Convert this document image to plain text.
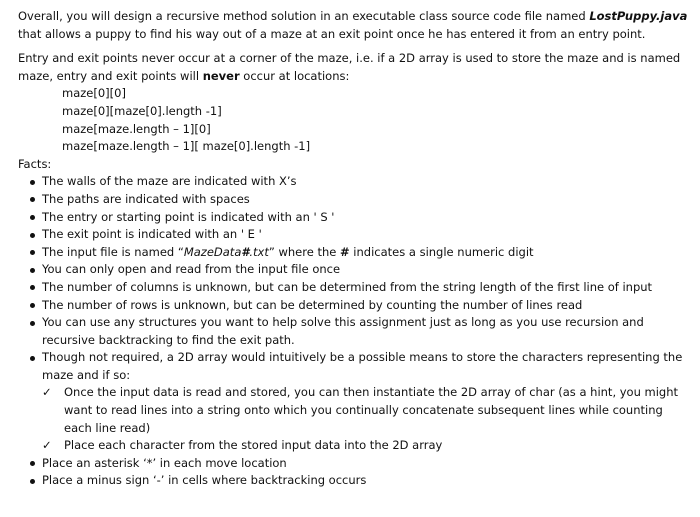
Overall, you will design a recursive method solution in an executable class source code file named LostPuppy.java that allows a puppy to find his way out of a maze at an exit point once he has entered it from an entry point.

Entry and exit points never occur at a corner of the maze, i.e. if a 2D array is used to store the maze and is named maze, entry and exit points will never occur at locations:

maze[0][0]

maze[0][maze[0].length -1]

maze[maze.length – 1][0]

maze[maze.length – 1][ maze[0].length -1]

Facts:

The walls of the maze are indicated with X’s
The paths are indicated with spaces
The entry or starting point is indicated with an ' S '
The exit point is indicated with an ' E '
The input file is named “MazeData#.txt” where the # indicates a single numeric digit
You can only open and read from the input file once
The number of columns is unknown, but can be determined from the string length of the first line of input
The number of rows is unknown, but can be determined by counting the number of lines read
You can use any structures you want to help solve this assignment just as long as you use recursion and recursive backtracking to find the exit path.
Though not required, a 2D array would intuitively be a possible means to store the characters representing the maze and if so:
✓ Once the input data is read and stored, you can then instantiate the 2D array of char (as a hint, you might want to read lines into a string onto which you continually concatenate subsequent lines while counting each line read)
✓ Place each character from the stored input data into the 2D array
Place an asterisk ‘*’ in each move location
Place a minus sign ‘-’ in cells where backtracking occurs
